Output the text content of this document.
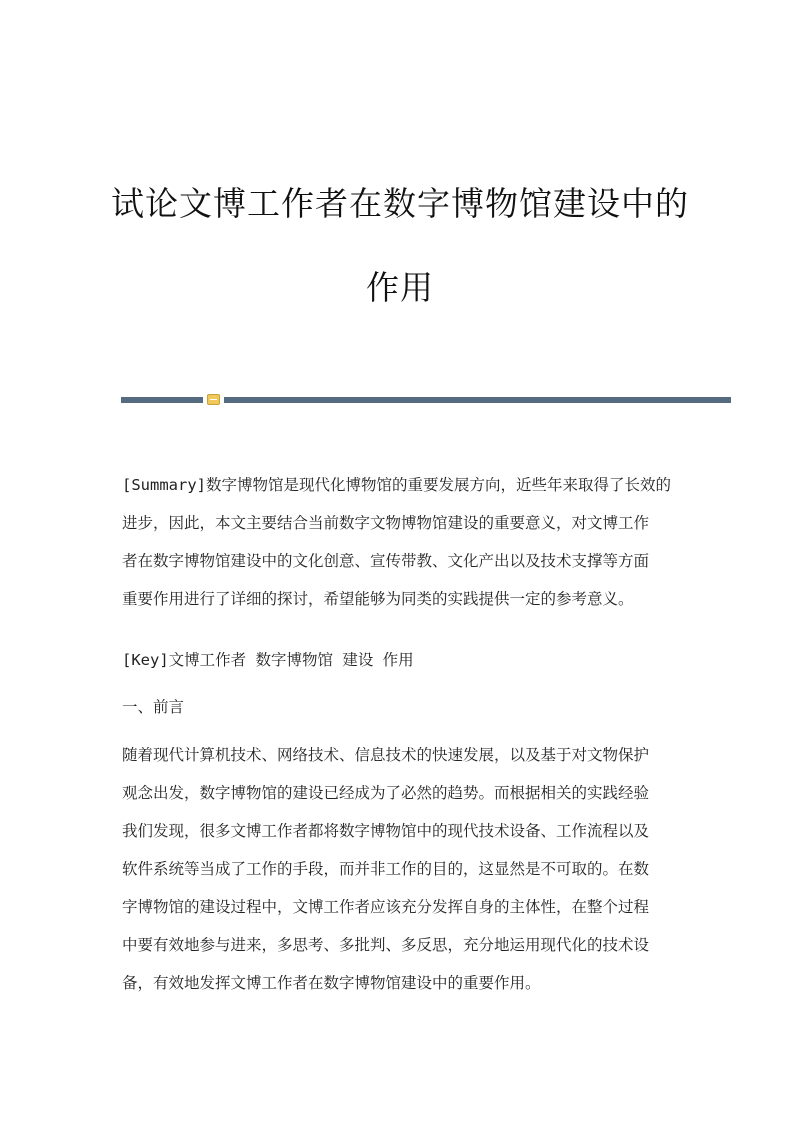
试论文博工作者在数字博物馆建设中的
作用
[Summary]数字博物馆是现代化博物馆的重要发展方向，近些年来取得了长效的
进步，因此，本文主要结合当前数字文物博物馆建设的重要意义，对文博工作
者在数字博物馆建设中的文化创意、宣传带教、文化产出以及技术支撑等方面
重要作用进行了详细的探讨，希望能够为同类的实践提供一定的参考意义。
[Key]文博工作者 数字博物馆 建设 作用
一、前言
随着现代计算机技术、网络技术、信息技术的快速发展，以及基于对文物保护
观念出发，数字博物馆的建设已经成为了必然的趋势。而根据相关的实践经验
我们发现，很多文博工作者都将数字博物馆中的现代技术设备、工作流程以及
软件系统等当成了工作的手段，而并非工作的目的，这显然是不可取的。在数
字博物馆的建设过程中，文博工作者应该充分发挥自身的主体性，在整个过程
中要有效地参与进来，多思考、多批判、多反思，充分地运用现代化的技术设
备，有效地发挥文博工作者在数字博物馆建设中的重要作用。
